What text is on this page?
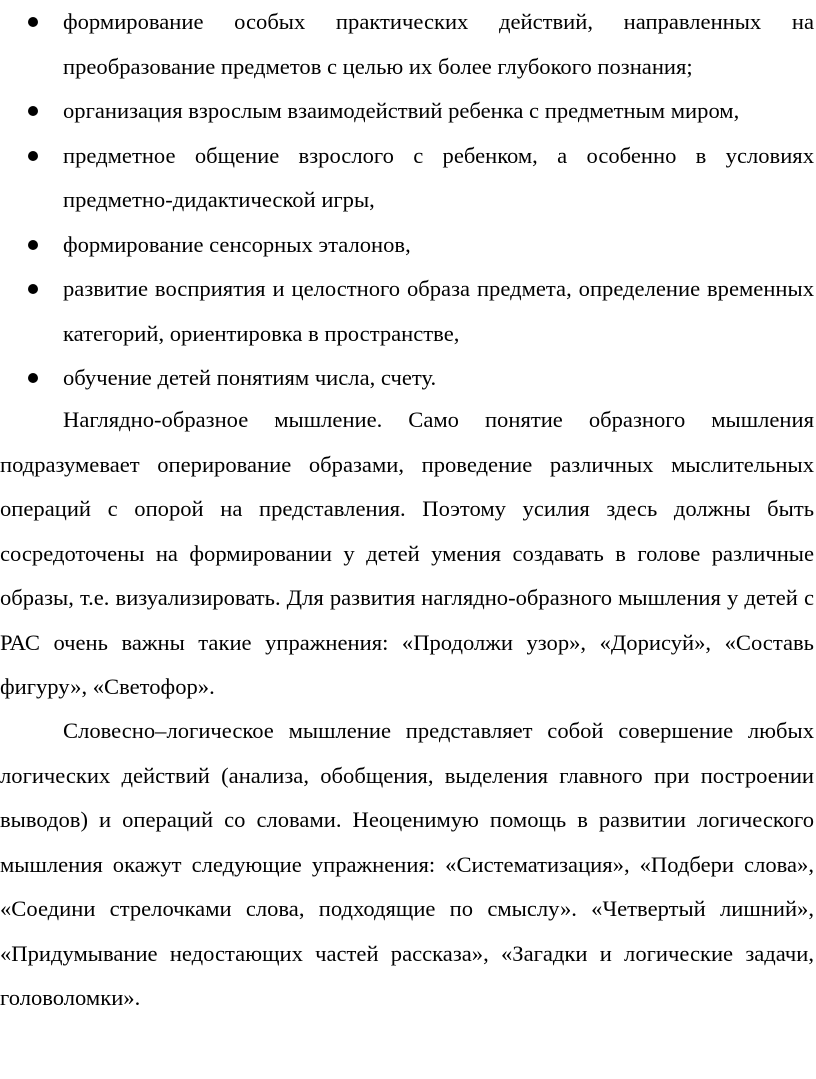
формирование особых практических действий, направленных на преобразование предметов с целью их более глубокого познания;
организация взрослым взаимодействий ребенка с предметным миром,
предметное общение взрослого с ребенком, а особенно в условиях предметно-дидактической игры,
формирование сенсорных эталонов,
развитие восприятия и целостного образа предмета, определение временных категорий, ориентировка в пространстве,
обучение детей понятиям числа, счету.

Наглядно-образное мышление. Само понятие образного мышления подразумевает оперирование образами, проведение различных мыслительных операций с опорой на представления. Поэтому усилия здесь должны быть сосредоточены на формировании у детей умения создавать в голове различные образы, т.е. визуализировать. Для развития наглядно-образного мышления у детей с РАС очень важны такие упражнения: «Продолжи узор», «Дорисуй», «Составь фигуру», «Светофор».

Словесно–логическое мышление представляет собой совершение любых логических действий (анализа, обобщения, выделения главного при построении выводов) и операций со словами. Неоценимую помощь в развитии логического мышления окажут следующие упражнения: «Систематизация», «Подбери слова», «Соедини стрелочками слова, подходящие по смыслу». «Четвертый лишний», «Придумывание недостающих частей рассказа», «Загадки и логические задачи, головоломки».
